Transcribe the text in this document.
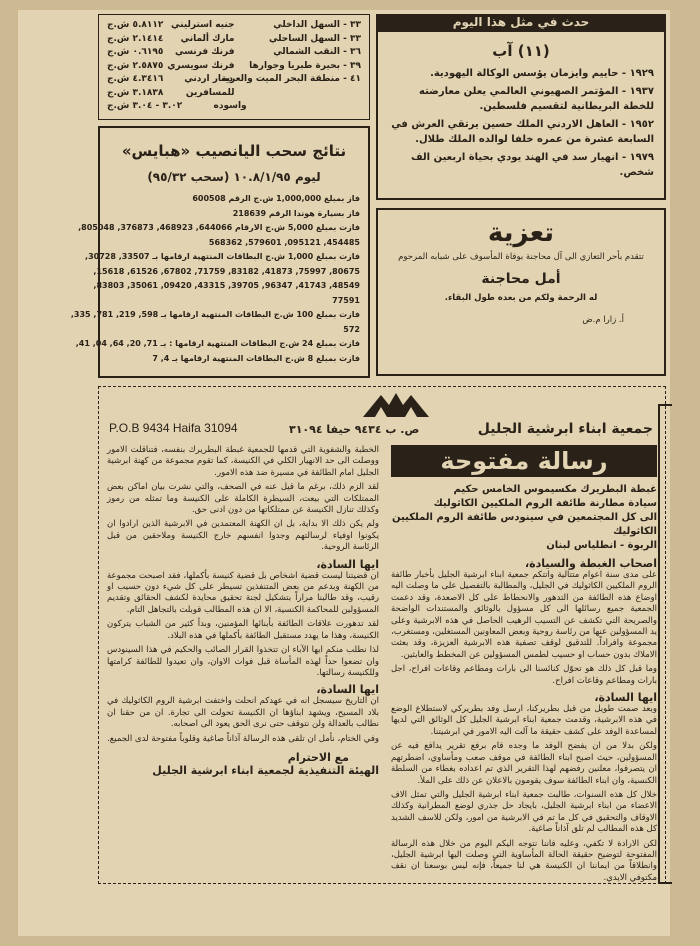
٣٣ - السهل الداخلي
جنيه استرليني
٥.٨١١٢ ش.ج
٣٣ - السهل الساحلي
مارك ألماني
٢.١٤١٤ ش.ج
٣٦ - النقب الشمالي
فرنك فرنسي
٠.٦١٩٥ ش.ج
٣٩ - بحيرة طبريا وجوارها
فرنك سويسري
٢.٥٨٧٥ ش.ج
٤١ - منطقة البحر الميت والعربة
دينار اردني
٤.٣٤١٦ ش.ج
للمسافرين
٣.١٨٣٨ ش.ج
واسوده
٣.٠٢ - ٣.٠٤ ش.ج
حدث في مثل هذا اليوم
(١١) آب
١٩٢٩ - حاييم وايزمان يؤسس الوكالة اليهودية.
١٩٣٧ - المؤتمر الصهيوني العالمي يعلن معارضته للخطة البريطانية لتقسيم فلسطين.
١٩٥٢ - العاهل الاردني الملك حسين يرتقي العرش في السابعة عشرة من عمره خلفا لوالده الملك طلال.
١٩٧٩ - انهيار سد في الهند يودي بحياة اربعين الف شخص.
نتائج سحب اليانصيب «هبايس»
ليوم ١٠.٨/١/٩٥ (سحب ٩٥/٣٢)
فاز بمبلغ 1,000,000 ش.ج الرقم 600508
فاز بسيارة هوندا الرقم 218639
فازت بمبلغ 5,000 ش.ج الارقام 644066, 468923, 376873, 805048,
454485, 095121, 579601, 568362
فازت بمبلغ 1,000 ش.ج البطاقات المنتهية ارقامها بـ 33507, 30728,
80675, 75997, 41873, 83182, 71759, 67802, 61526, 15618,
48549, 41743, 96347, 39705, 43315, 09420, 35061, 83803,
77591
فازت بمبلغ 100 ش.ج البطاقات المنتهية ارقامها بـ 598, 219, 781, 335,
572
فازت بمبلغ 24 ش.ج البطاقات المنتهية ارقامها : بـ 71, 20, 64, 04, 41,
فازت بمبلغ 8 ش.ج البطاقات المنتهية ارقامها بـ 4, 7
تعزية
تتقدم بأحر التعازي الى آل محاجنة بوفاة المأسوف على شبابه المرحوم
أمل محاجنة
له الرحمة ولكم من بعده طول البقاء.
أ. زارا م.ض
جمعية ابناء ابرشية الجليل
ص. ب ٩٤٣٤ حيفا ٣١٠٩٤
P.O.B 9434 Haifa 31094
رسالة مفتوحة
غبطة البطريرك مكسيموس الخامس حكيم
سيادة مطارنة طائفة الروم الملكيين الكاثوليك
الى كل المجتمعين في سينودس طائفة الروم الملكيين الكاثوليك
الربوة - انطلياس لبنان
اصحاب الغبطة والسيادة،
على مدى سنة اعوام متتالية واتتكم جمعية ابناء ابرشية الجليل بأخبار طائفة الروم الملكيين الكاثوليك في الجليل، والمطالبة بالتفصيل على ما وصلت اليه اوضاع هذه الطائفة من التدهور والانحطاط على كل الاصعدة، وقد دعمت الجمعية جميع رسائلها الى كل مسؤول بالوثائق والمستندات الواضحة والصريحة التي تكشف عن التسيب الرهيب الحاصل في هذه الابرشية وعلى يد المسؤولين عنها من رئاسة روحية وبعض المعاونين المستغلين، ومستغرب، مجموعة وافراداً. للتدقيق لوقف تصفية هذه الابرشية العزيزة، وقد بعثت الاملاك بدون حساب او حسيب لطمس المسؤولين عن المخطط والعابثين.
وما قبل كل ذلك هو تحوّل كنائسنا الى بارات ومطاعم وقاعات افراح، اجل بارات ومطاعم وقاعات افراح.
ايها السادة،
وبعد صمت طويل من قبل بطريركنا، ارسل وفد بطريركي لاستطلاع الوضع في هذه الابرشية، وقدمت جمعية ابناء ابرشية الجليل كل الوثائق التي لديها لمساعدة الوفد على كشف حقيقة ما آلت اليه الامور في ابرشيتنا.
ولكن بدلا من ان يفضح الوفد ما وجده قام برفع تقرير يدافع فيه عن المسؤولين، حيث اصبح ابناء الطائفة في موقف صعب ومأساوي، اضطرتهم ان يتصرفوا، معلنين رفضهم لهذا التقرير الذي تم اعداده بغطاء من السلطة الكنسية، وان ابناء الطائفة سوف يقومون بالاعلان عن ذلك على الملأ.
خلال كل هذه السنوات، طالبت جمعية ابناء ابرشية الجليل والتي تمثل الاف الاعضاء من ابناء ابرشية الجليل، بايجاد حل جذري لوضع المطرانية وكذلك الاوقاف والتحقيق في كل ما تم في الابرشية من امور، ولكن للاسف الشديد كل هذه المطالب لم تلق آذاناً صاغية.
لكن الارادة لا تكفي، وعليه فاننا نتوجه اليكم اليوم من خلال هذه الرسالة المفتوحة لتوضيح حقيقة الحالة المأساوية التي وصلت اليها ابرشية الجليل، وانطلاقاً من ايماننا ان الكنيسة هي لنا جميعاً، فإنه ليس بوسعنا ان نقف مكتوفي الايدي.
الخطبة والشفوية التي قدمها للجمعية غبطة البطريرك بنفسه، فتناقلت الامور ووصلت الى حد الانهيار الكلي في الكنيسة، كما تقوم مجموعة من كهنة ابرشية الجليل امام الطائفة في مسيرة ضد هذه الامور.
لقد الزم ذلك، برغم ما قيل عنه في الصحف، والتي نشرت بيان اماكن بعض الممتلكات التي بيعت، السيطرة الكاملة على الكنيسة وما تمثله من رموز وكذلك تنازل الكنيسة عن ممتلكاتها من دون ادنى حق.
ولم يكن ذلك الا بداية، بل ان الكهنة المعتمدين في الابرشية الذين ارادوا ان يكونوا اوفياء لرسالتهم وجدوا انفسهم خارج الكنيسة وملاحقين من قبل الرئاسة الروحية.
ايها السادة،
ان قضيتنا ليست قضية اشخاص بل قضية كنيسة بأكملها، فقد اصبحت مجموعة من الكهنة وبدعم من بعض المتنفذين تسيطر على كل شيء دون حسيب او رقيب، وقد طالبنا مراراً بتشكيل لجنة تحقيق محايدة لكشف الحقائق وتقديم المسؤولين للمحاكمة الكنسية، الا ان هذه المطالب قوبلت بالتجاهل التام.
لقد تدهورت علاقات الطائفة بأبنائها المؤمنين، وبدأ كثير من الشباب يتركون الكنيسة، وهذا ما يهدد مستقبل الطائفة بأكملها في هذه البلاد.
لذا نطلب منكم ايها الآباء ان تتخذوا القرار الصائب والحكيم في هذا السينودس وان تضعوا حداً لهذه المأساة قبل فوات الاوان، وان تعيدوا للطائفة كرامتها وللكنيسة رسالتها.
ايها السادة،
ان التاريخ سيسجل انه في عهدكم انحلت واختفت ابرشية الروم الكاثوليك في بلاد المسيح، ويشهد ابناؤها ان الكنيسة تحولت الى تجارة. ان من حقنا ان نطالب بالعدالة ولن نتوقف حتى نرى الحق يعود الى اصحابه.
وفي الختام، نأمل ان تلقى هذه الرسالة آذاناً صاغية وقلوباً مفتوحة لدى الجميع.
مع الاحترام
الهيئة التنفيذية لجمعية ابناء ابرشية الجليل
